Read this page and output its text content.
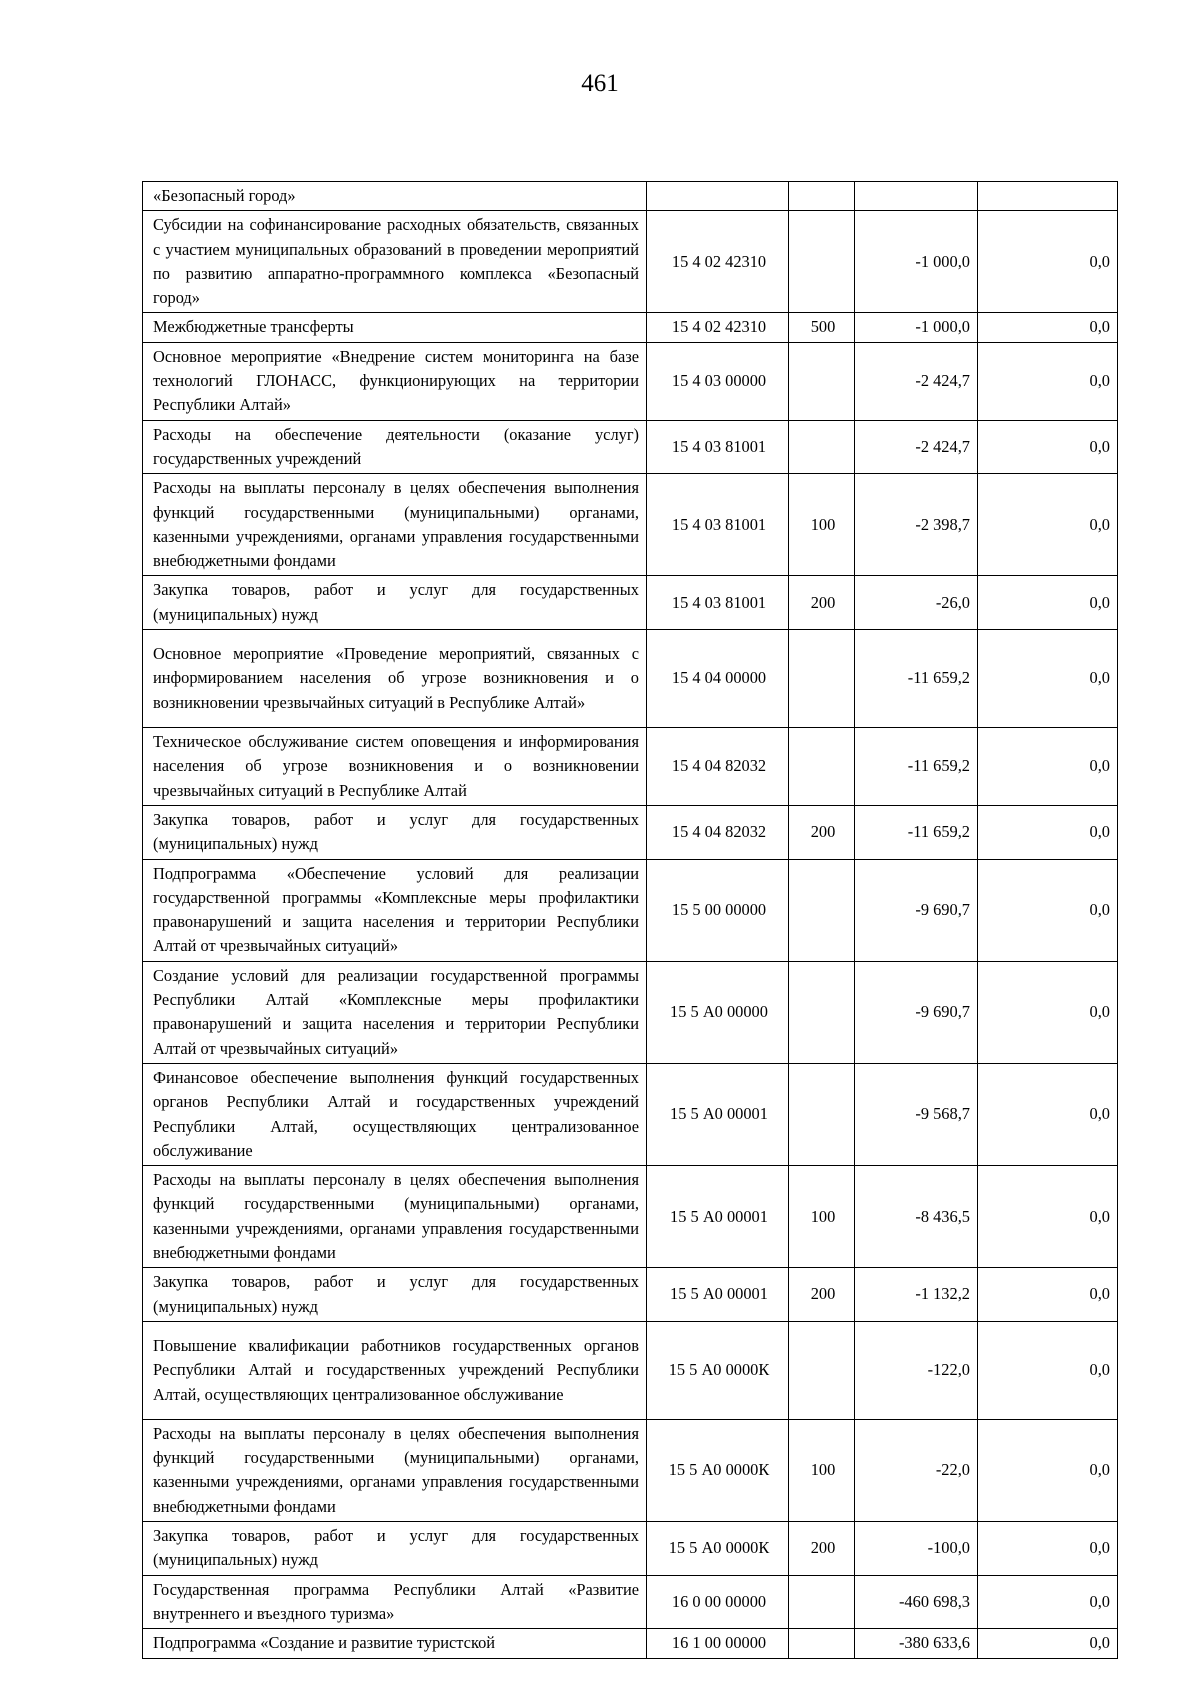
461
«Безопасный город»				
Субсидии на софинансирование расходных обязательств, связанных с участием муниципальных образований в проведении мероприятий по развитию аппаратно-программного комплекса «Безопасный город»	15 4 02 42310		-1 000,0	0,0
Межбюджетные трансферты	15 4 02 42310	500	-1 000,0	0,0
Основное мероприятие «Внедрение систем мониторинга на базе технологий ГЛОНАСС, функционирующих на территории Республики Алтай»	15 4 03 00000		-2 424,7	0,0
Расходы на обеспечение деятельности (оказание услуг) государственных учреждений	15 4 03 81001		-2 424,7	0,0
Расходы на выплаты персоналу в целях обеспечения выполнения функций государственными (муниципальными) органами, казенными учреждениями, органами управления государственными внебюджетными фондами	15 4 03 81001	100	-2 398,7	0,0
Закупка товаров, работ и услуг для государственных (муниципальных) нужд	15 4 03 81001	200	-26,0	0,0
Основное мероприятие «Проведение мероприятий, связанных с информированием населения об угрозе возникновения и о возникновении чрезвычайных ситуаций в Республике Алтай»	15 4 04 00000		-11 659,2	0,0
Техническое обслуживание систем оповещения и информирования населения об угрозе возникновения и о возникновении чрезвычайных ситуаций в Республике Алтай	15 4 04 82032		-11 659,2	0,0
Закупка товаров, работ и услуг для государственных (муниципальных) нужд	15 4 04 82032	200	-11 659,2	0,0
Подпрограмма «Обеспечение условий для реализации государственной программы «Комплексные меры профилактики правонарушений и защита населения и территории Республики Алтай от чрезвычайных ситуаций»	15 5 00 00000		-9 690,7	0,0
Создание условий для реализации государственной программы Республики Алтай «Комплексные меры профилактики правонарушений и защита населения и территории Республики Алтай от чрезвычайных ситуаций»	15 5 А0 00000		-9 690,7	0,0
Финансовое обеспечение выполнения функций государственных органов Республики Алтай и государственных учреждений Республики Алтай, осуществляющих централизованное обслуживание	15 5 А0 00001		-9 568,7	0,0
Расходы на выплаты персоналу в целях обеспечения выполнения функций государственными (муниципальными) органами, казенными учреждениями, органами управления государственными внебюджетными фондами	15 5 А0 00001	100	-8 436,5	0,0
Закупка товаров, работ и услуг для государственных (муниципальных) нужд	15 5 А0 00001	200	-1 132,2	0,0
Повышение квалификации работников государственных органов Республики Алтай и государственных учреждений Республики Алтай, осуществляющих централизованное обслуживание	15 5 А0 0000К		-122,0	0,0
Расходы на выплаты персоналу в целях обеспечения выполнения функций государственными (муниципальными) органами, казенными учреждениями, органами управления государственными внебюджетными фондами	15 5 А0 0000К	100	-22,0	0,0
Закупка товаров, работ и услуг для государственных (муниципальных) нужд	15 5 А0 0000К	200	-100,0	0,0
Государственная программа Республики Алтай «Развитие внутреннего и въездного туризма»	16 0 00 00000		-460 698,3	0,0
Подпрограмма «Создание и развитие туристской	16 1 00 00000		-380 633,6	0,0
